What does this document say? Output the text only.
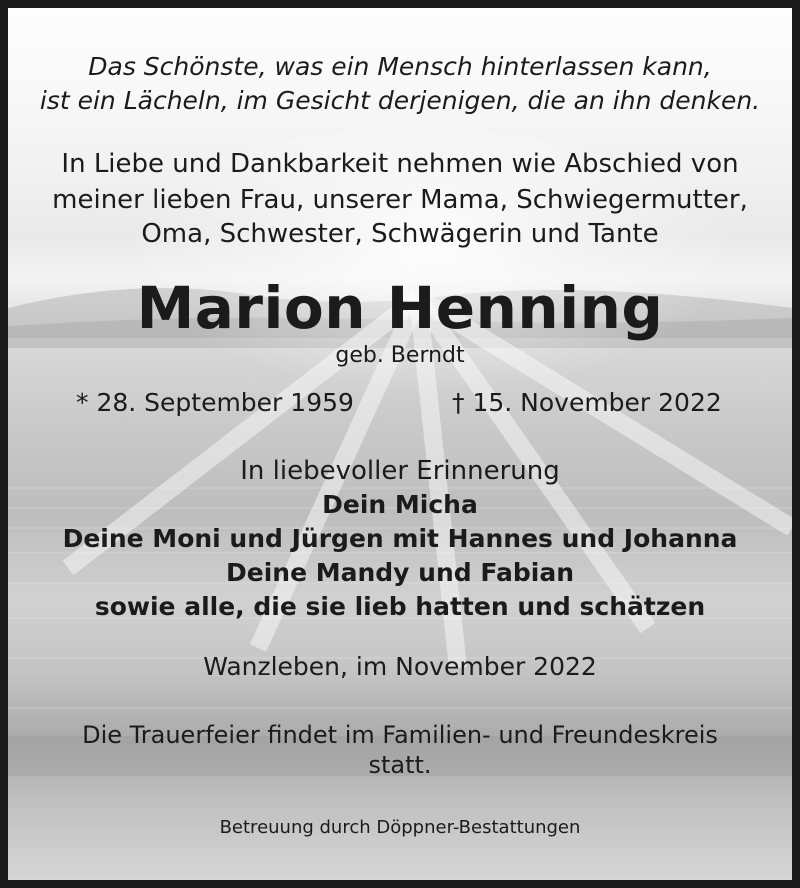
Das Schönste, was ein Mensch hinterlassen kann,

ist ein Lächeln, im Gesicht derjenigen, die an ihn denken.

In Liebe und Dankbarkeit nehmen wie Abschied von

meiner lieben Frau, unserer Mama, Schwiegermutter,

Oma, Schwester, Schwägerin und Tante

Marion Henning

geb. Berndt

* 28. September 1959	† 15. November 2022

In liebevoller Erinnerung

Dein Micha

Deine Moni und Jürgen mit Hannes und Johanna

Deine Mandy und Fabian

sowie alle, die sie lieb hatten und schätzen

Wanzleben, im November 2022

Die Trauerfeier findet im Familien- und Freundeskreis

statt.

Betreuung durch Döppner-Bestattungen
